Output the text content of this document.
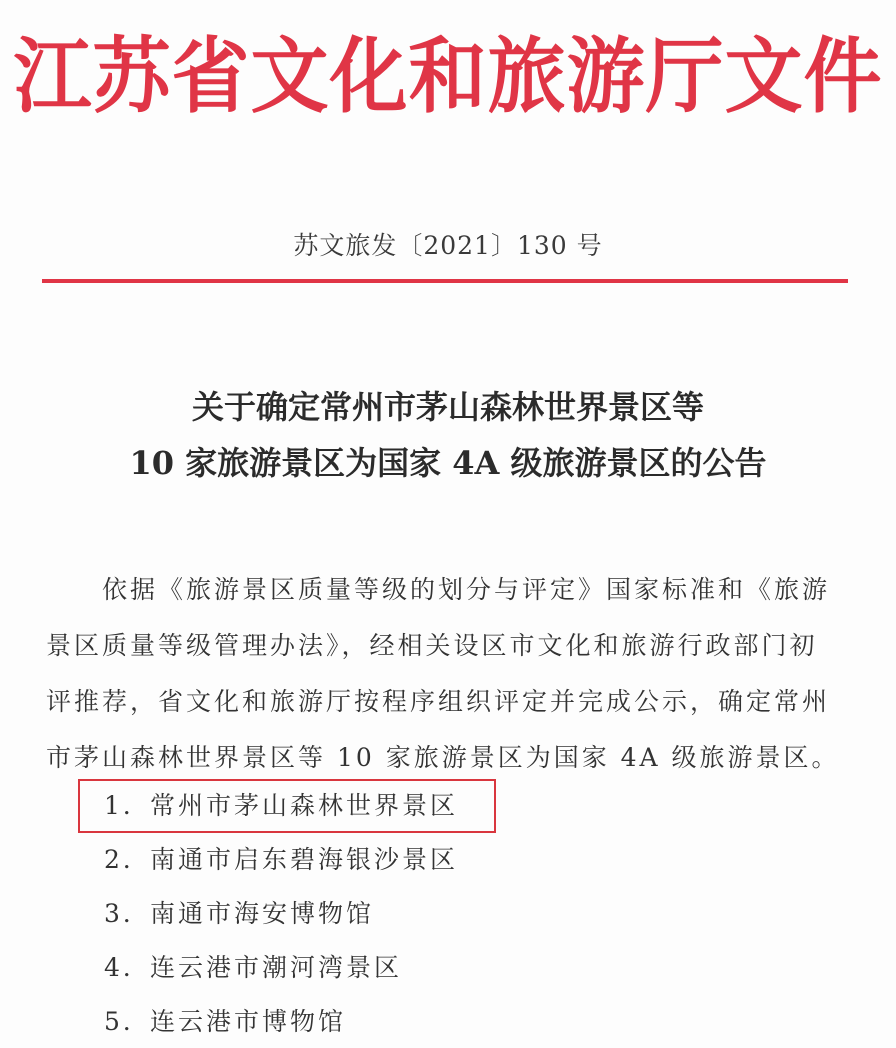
江苏省文化和旅游厅文件
苏文旅发〔2021〕130 号
关于确定常州市茅山森林世界景区等
10 家旅游景区为国家 4A 级旅游景区的公告
依据《旅游景区质量等级的划分与评定》国家标准和《旅游
景区质量等级管理办法》，经相关设区市文化和旅游行政部门初
评推荐，省文化和旅游厅按程序组织评定并完成公示，确定常州
市茅山森林世界景区等 10 家旅游景区为国家 4A 级旅游景区。
1．常州市茅山森林世界景区
2．南通市启东碧海银沙景区
3．南通市海安博物馆
4．连云港市潮河湾景区
5．连云港市博物馆
